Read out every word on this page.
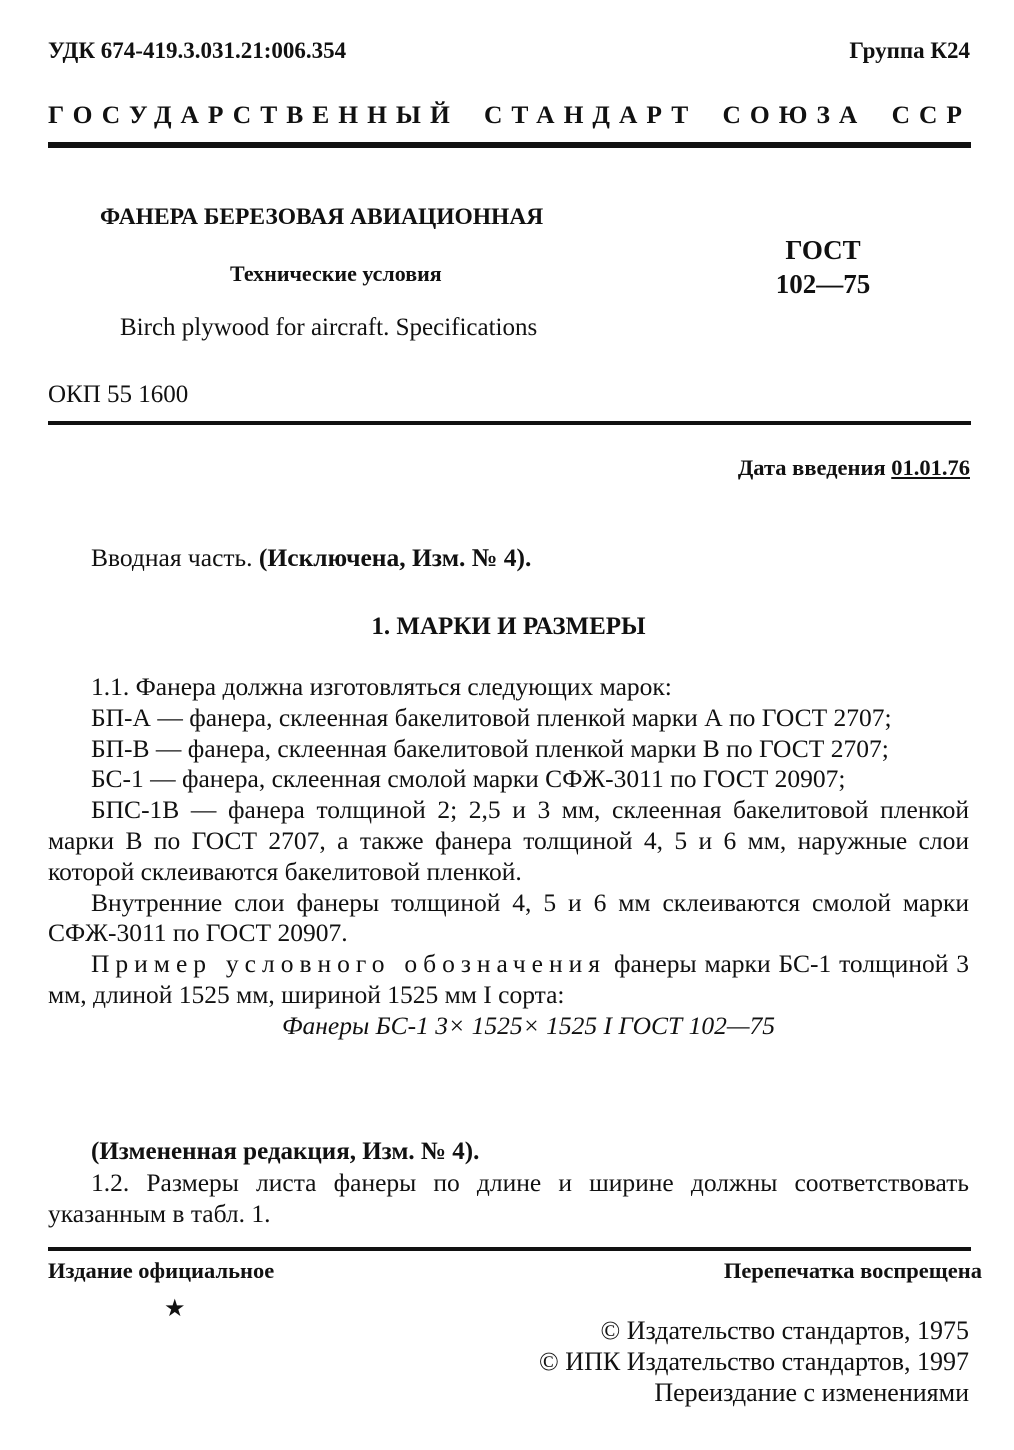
УДК 674-419.3.031.21:006.354	Группа К24
ГОСУДАРСТВЕННЫЙ СТАНДАРТ СОЮЗА ССР
ФАНЕРА БЕРЕЗОВАЯ АВИАЦИОННАЯ
Технические условия
Birch plywood for aircraft. Specifications
ГОСТ
102—75
ОКП 55 1600
Дата введения 01.01.76
Вводная часть. (Исключена, Изм. № 4).
1. МАРКИ И РАЗМЕРЫ

1.1. Фанера должна изготовляться следующих марок:

БП-А — фанера, склеенная бакелитовой пленкой марки А по ГОСТ 2707;

БП-В — фанера, склеенная бакелитовой пленкой марки В по ГОСТ 2707;

БС-1 — фанера, склеенная смолой марки СФЖ-3011 по ГОСТ 20907;

БПС-1В — фанера толщиной 2; 2,5 и 3 мм, склеенная бакелитовой пленкой марки В по ГОСТ 2707, а также фанера толщиной 4, 5 и 6 мм, наружные слои которой склеиваются бакелитовой пленкой.

Внутренние слои фанеры толщиной 4, 5 и 6 мм склеиваются смолой марки СФЖ-3011 по ГОСТ 20907.

Пример условного обозначения фанеры марки БС-1 толщиной 3 мм, длиной 1525 мм, шириной 1525 мм I сорта:

Фанеры БС-1 3× 1525× 1525 I ГОСТ 102—75

(Измененная редакция, Изм. № 4).

1.2. Размеры листа фанеры по длине и ширине должны соответствовать указанным в табл. 1.

Издание официальное	Перепечатка воспрещена
★
© Издательство стандартов, 1975
© ИПК Издательство стандартов, 1997
Переиздание с изменениями
